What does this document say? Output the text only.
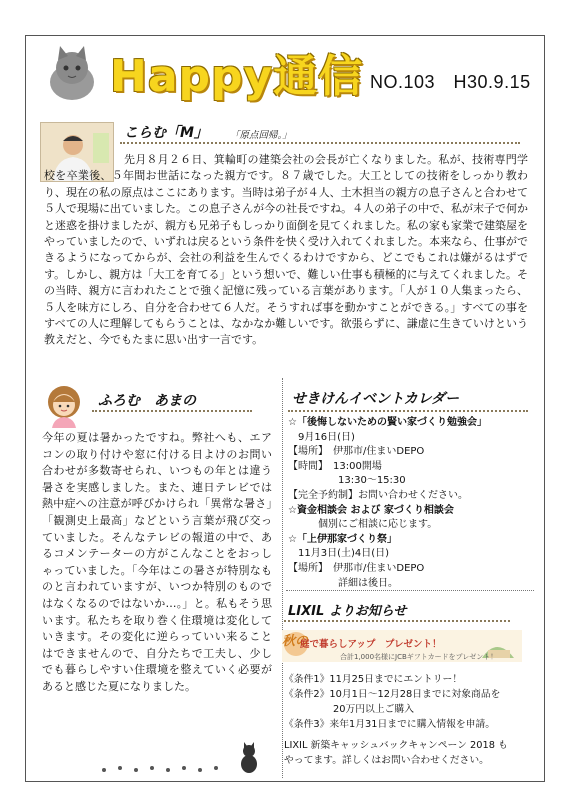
Happy通信 NO.103　H30.9.15
こらむ「M」 「原点回帰。」
先月８月２６日、箕輪町の建築会社の会長が亡くなりました。私が、技術専門学校を卒業後、５年間お世話になった親方です。８７歳でした。大工としての技術をしっかり教わり、現在の私の原点はここにあります。当時は弟子が４人、土木担当の親方の息子さんと合わせて５人で現場に出ていました。この息子さんが今の社長ですね。４人の弟子の中で、私が末子で何かと迷惑を掛けましたが、親方も兄弟子もしっかり面倒を見てくれました。私の家も家業で建築屋をやっていましたので、いずれは戻るという条件を快く受け入れてくれました。本来なら、仕事ができるようになってからが、会社の利益を生んでくるわけですから、どこでもこれは嫌がるはずです。しかし、親方は「大工を育てる」という想いで、難しい仕事も積極的に与えてくれました。その当時、親方に言われたことで強く記憶に残っている言葉があります。「人が１０人集まったら、５人を味方にしろ、自分を合わせて６人だ。そうすれば事を動かすことができる。」すべての事をすべての人に理解してもらうことは、なかなか難しいです。欲張らずに、謙虚に生きていけという教えだと、今でもたまに思い出す一言です。
ふろむ　あまの
今年の夏は暑かったですね。弊社へも、エアコンの取り付けや窓に付ける日よけのお問い合わせが多数寄せられ、いつもの年とは違う暑さを実感しました。また、連日テレビでは熱中症への注意が呼びかけられ「異常な暑さ」「観測史上最高」などという言葉が飛び交っていました。そんなテレビの報道の中で、あるコメンテーターの方がこんなことをおっしゃっていました。「今年はこの暑さが特別なものと言われていますが、いつか特別のものではなくなるのではないか…。」と。私もそう思います。私たちを取り巻く住環境は変化していきます。その変化に逆らっていい来ることはできませんので、自分たちで工夫し、少しでも暮らしやすい住環境を整えていく必要があると感じた夏になりました。
せきけんイベントカレダー
☆「後悔しないための賢い家づくり勉強会」
　9月16日(日)
【場所】　伊那市/住まいDEPO
【時間】　13:00開場
　　　　　13:30～15:30
【完全予約制】お問い合わせください。
☆資金相談会 および 家づくり相談会
　　　個別にご相談に応じます。
☆「上伊那家づくり祭」
　11月3日(土)4日(日)
【場所】　伊那市/住まいDEPO
　　　　　詳細は後日。
LIXIL よりお知らせ
秋の
庭で暮らしアップ　プレゼント！
合計1,000名様にJCBギフトカードをプレゼント！
《条件1》11月25日までにエントリー！
《条件2》10月1日～12月28日までに対象商品を
　　　　　20万円以上ご購入
《条件3》来年1月31日までに購入情報を申請。
LIXIL 新築キャッシュバックキャンペーン 2018 も
やってます。詳しくはお問い合わせください。
